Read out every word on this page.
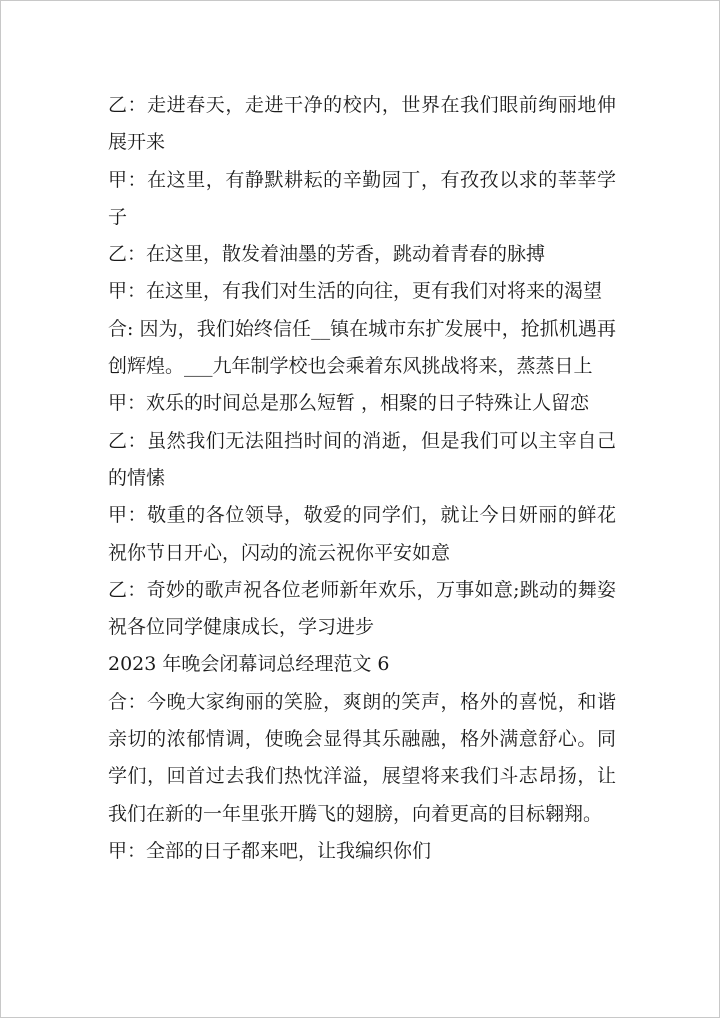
乙：走进春天，走进干净的校内，世界在我们眼前绚丽地伸展开来

甲：在这里，有静默耕耘的辛勤园丁，有孜孜以求的莘莘学子

乙：在这里，散发着油墨的芳香，跳动着青春的脉搏

甲：在这里，有我们对生活的向往，更有我们对将来的渴望

合: 因为，我们始终信任__镇在城市东扩发展中，抢抓机遇再创辉煌。___九年制学校也会乘着东风挑战将来，蒸蒸日上

甲：欢乐的时间总是那么短暂 ，相聚的日子特殊让人留恋

乙：虽然我们无法阻挡时间的消逝，但是我们可以主宰自己的情愫

甲：敬重的各位领导，敬爱的同学们，就让今日妍丽的鲜花祝你节日开心，闪动的流云祝你平安如意

乙：奇妙的歌声祝各位老师新年欢乐，万事如意;跳动的舞姿祝各位同学健康成长，学习进步

2023 年晚会闭幕词总经理范文 6

合：今晚大家绚丽的笑脸，爽朗的笑声，格外的喜悦，和谐亲切的浓郁情调，使晚会显得其乐融融，格外满意舒心。同学们，回首过去我们热忱洋溢，展望将来我们斗志昂扬，让我们在新的一年里张开腾飞的翅膀，向着更高的目标翱翔。

甲：全部的日子都来吧，让我编织你们
